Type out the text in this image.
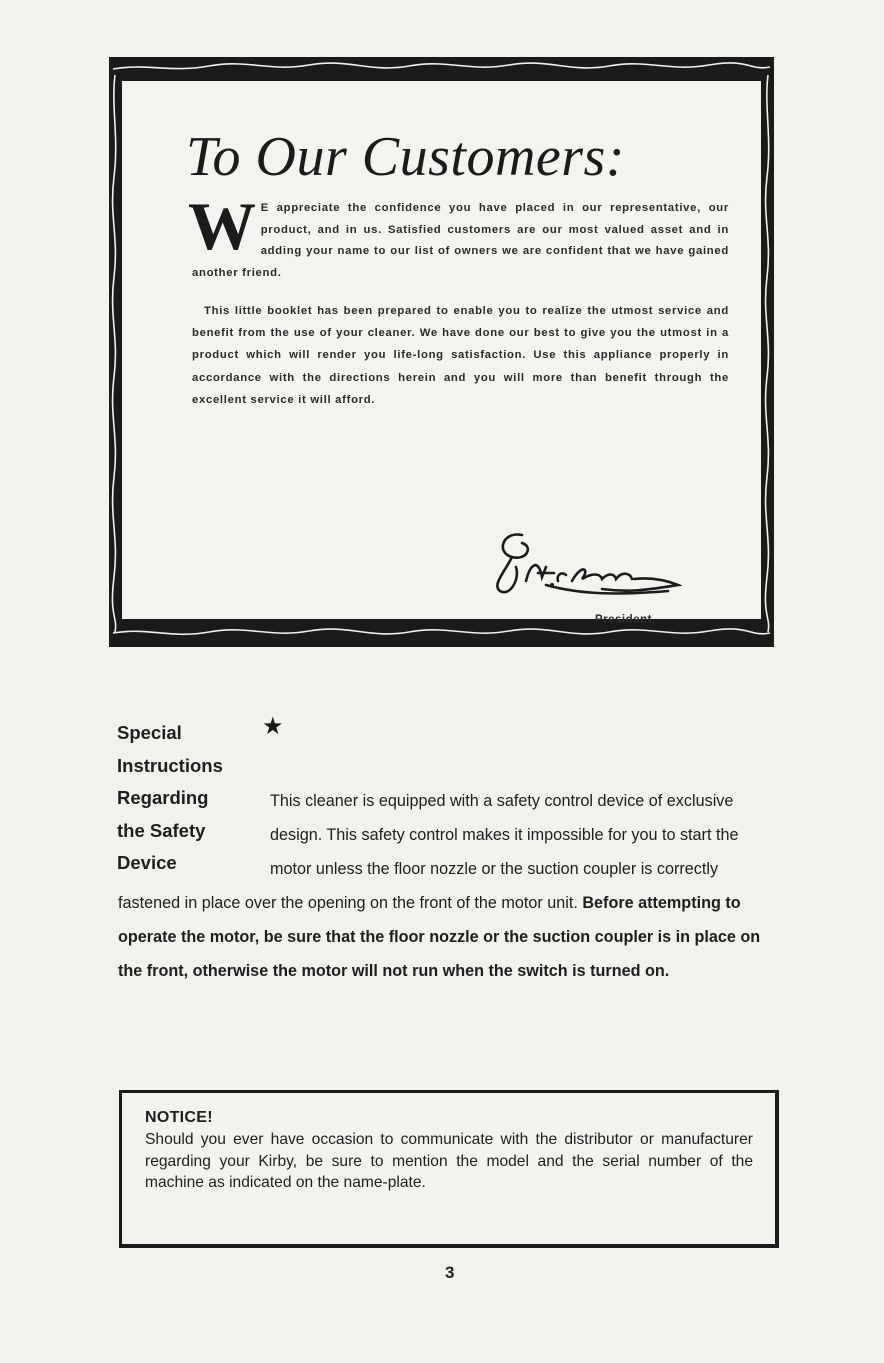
To Our Customers:

W E appreciate the confidence you have placed in our representative, our product, and in us. Satisfied customers are our most valued asset and in adding your name to our list of owners we are confident that we have gained another friend.

This little booklet has been prepared to enable you to realize the utmost service and benefit from the use of your cleaner. We have done our best to give you the utmost in a product which will render you life-long satisfaction. Use this appliance properly in accordance with the directions herein and you will more than benefit through the excellent service it will afford.

President.
Special
Instructions
Regarding
the Safety
Device
★

This cleaner is equipped with a safety control device of exclusive design. This safety control makes it impossible for you to start the motor unless the floor nozzle or the suction coupler is correctly fastened in place over the opening on the front of the motor unit. Before attempting to operate the motor, be sure that the floor nozzle or the suction coupler is in place on the front, otherwise the motor will not run when the switch is turned on.

NOTICE!

Should you ever have occasion to communicate with the distributor or manufacturer regarding your Kirby, be sure to mention the model and the serial number of the machine as indicated on the name-plate.

3
